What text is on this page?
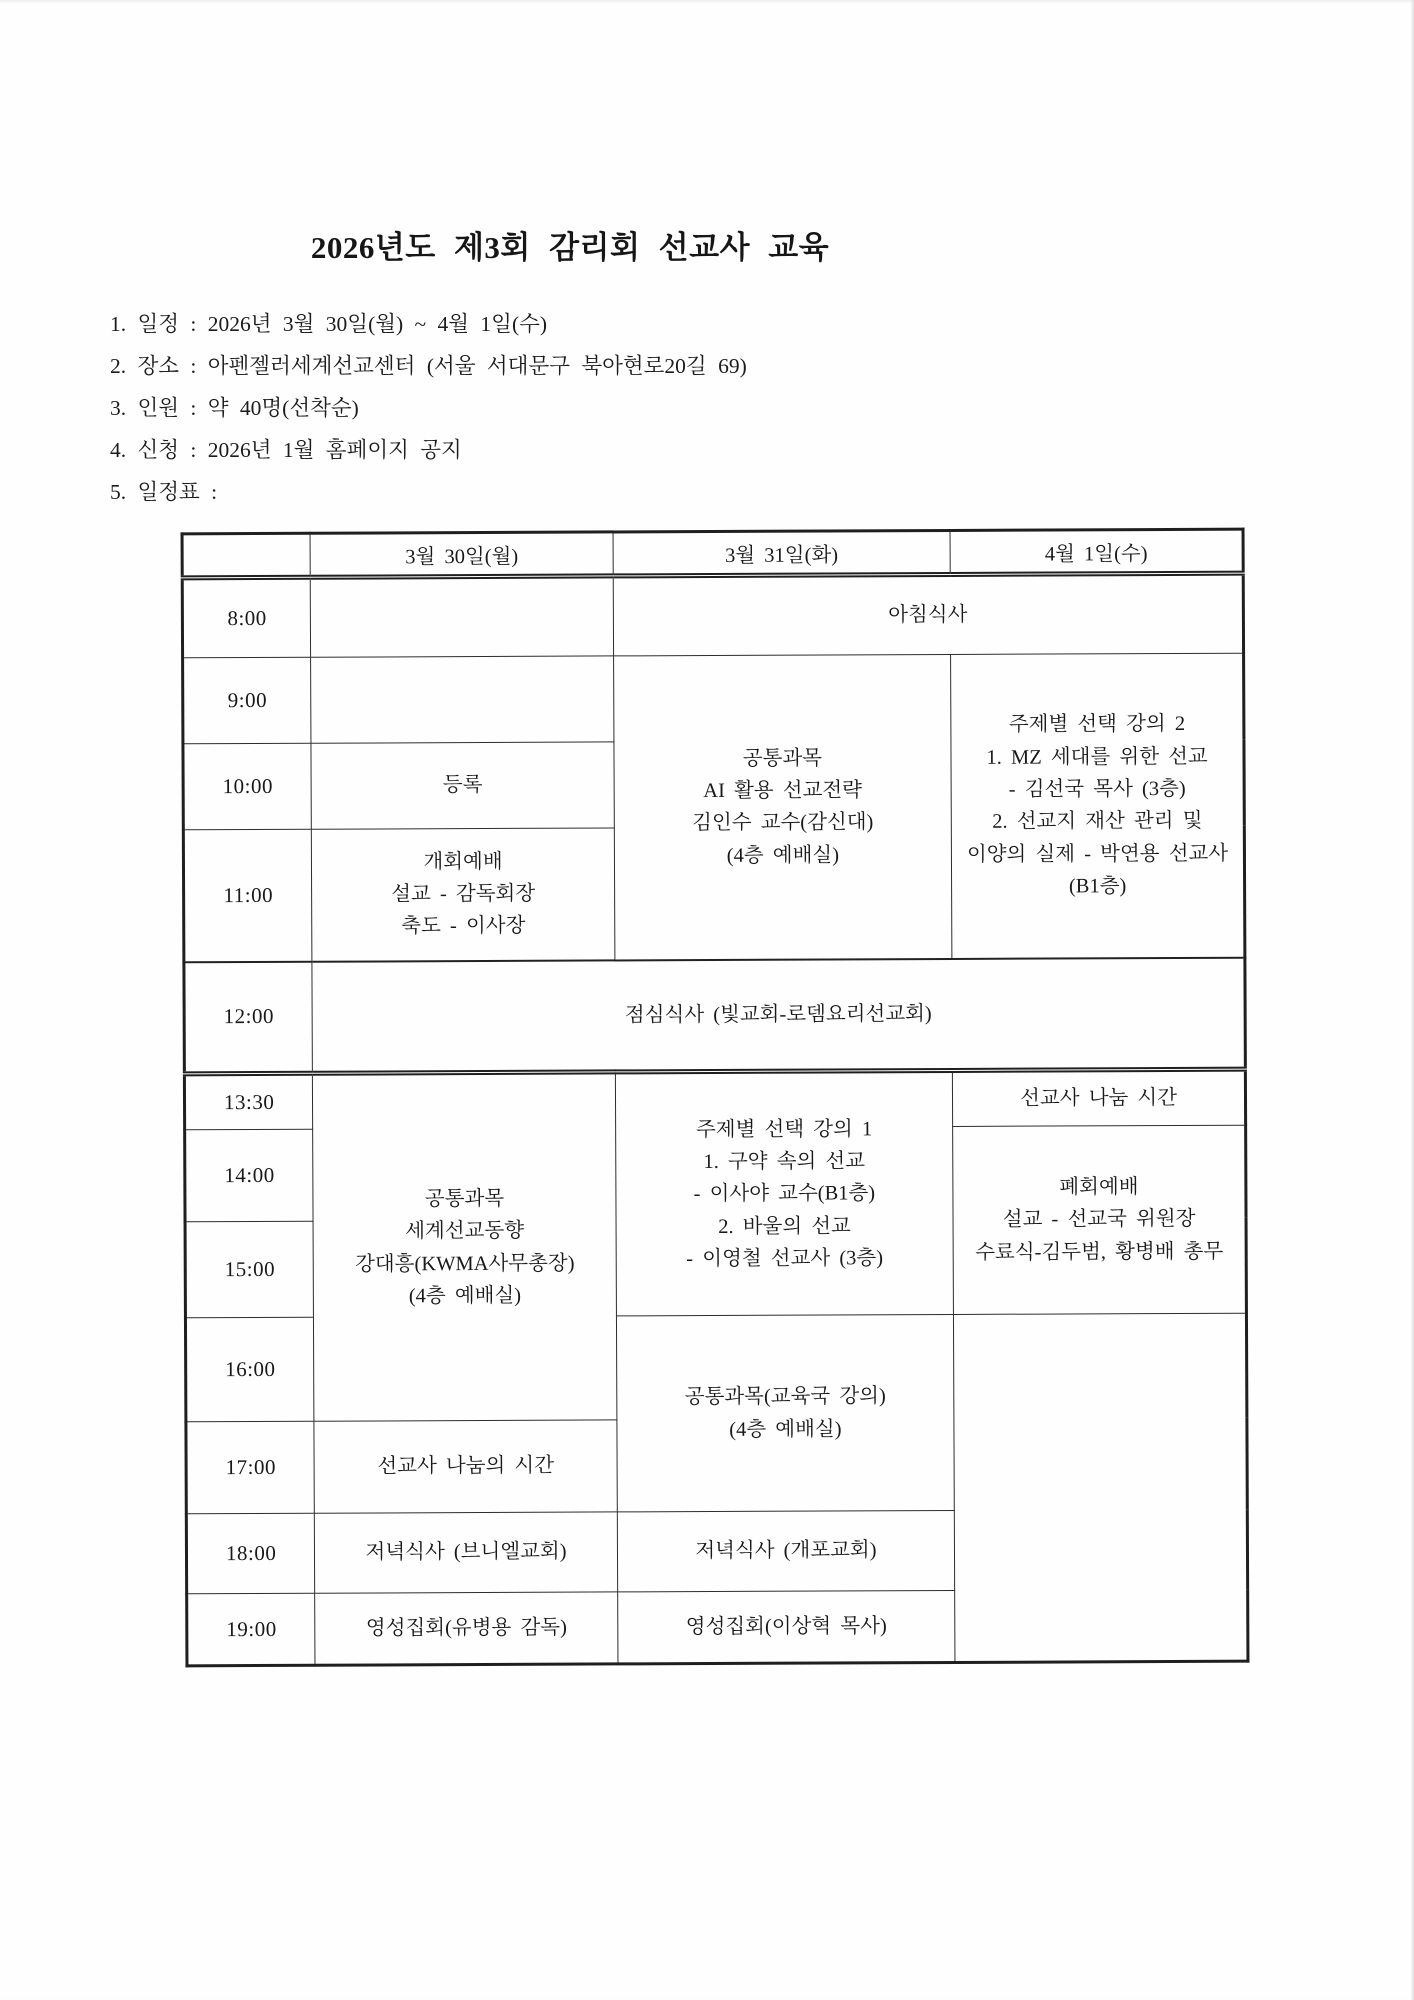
2026년도 제3회 감리회 선교사 교육
1. 일정 : 2026년 3월 30일(월) ~ 4월 1일(수)
2. 장소 : 아펜젤러세계선교센터 (서울 서대문구 북아현로20길 69)
3. 인원 : 약 40명(선착순)
4. 신청 : 2026년 1월 홈페이지 공지
5. 일정표 :
	3월 30일(월)	3월 31일(화)	4월 1일(수)
8:00		아침식사	
9:00		공통과목
AI 활용 선교전략
김인수 교수(감신대)
(4층 예배실)	주제별 선택 강의 2
1. MZ 세대를 위한 선교
- 김선국 목사 (3층)
2. 선교지 재산 관리 및
이양의 실제 - 박연용 선교사
(B1층)
10:00	등록		
11:00	개회예배
설교 - 감독회장
축도 - 이사장		
12:00	점심식사 (빛교회-로뎀요리선교회)		
13:30	공통과목
세계선교동향
강대흥(KWMA사무총장)
(4층 예배실)	주제별 선택 강의 1
1. 구약 속의 선교
- 이사야 교수(B1층)
2. 바울의 선교
- 이영철 선교사 (3층)	선교사 나눔 시간
14:00			폐회예배
설교 - 선교국 위원장
수료식-김두범, 황병배 총무
15:00			
16:00		공통과목(교육국 강의)
(4층 예배실)	
17:00	선교사 나눔의 시간		
18:00	저녁식사 (브니엘교회)	저녁식사 (개포교회)	
19:00	영성집회(유병용 감독)	영성집회(이상혁 목사)	
